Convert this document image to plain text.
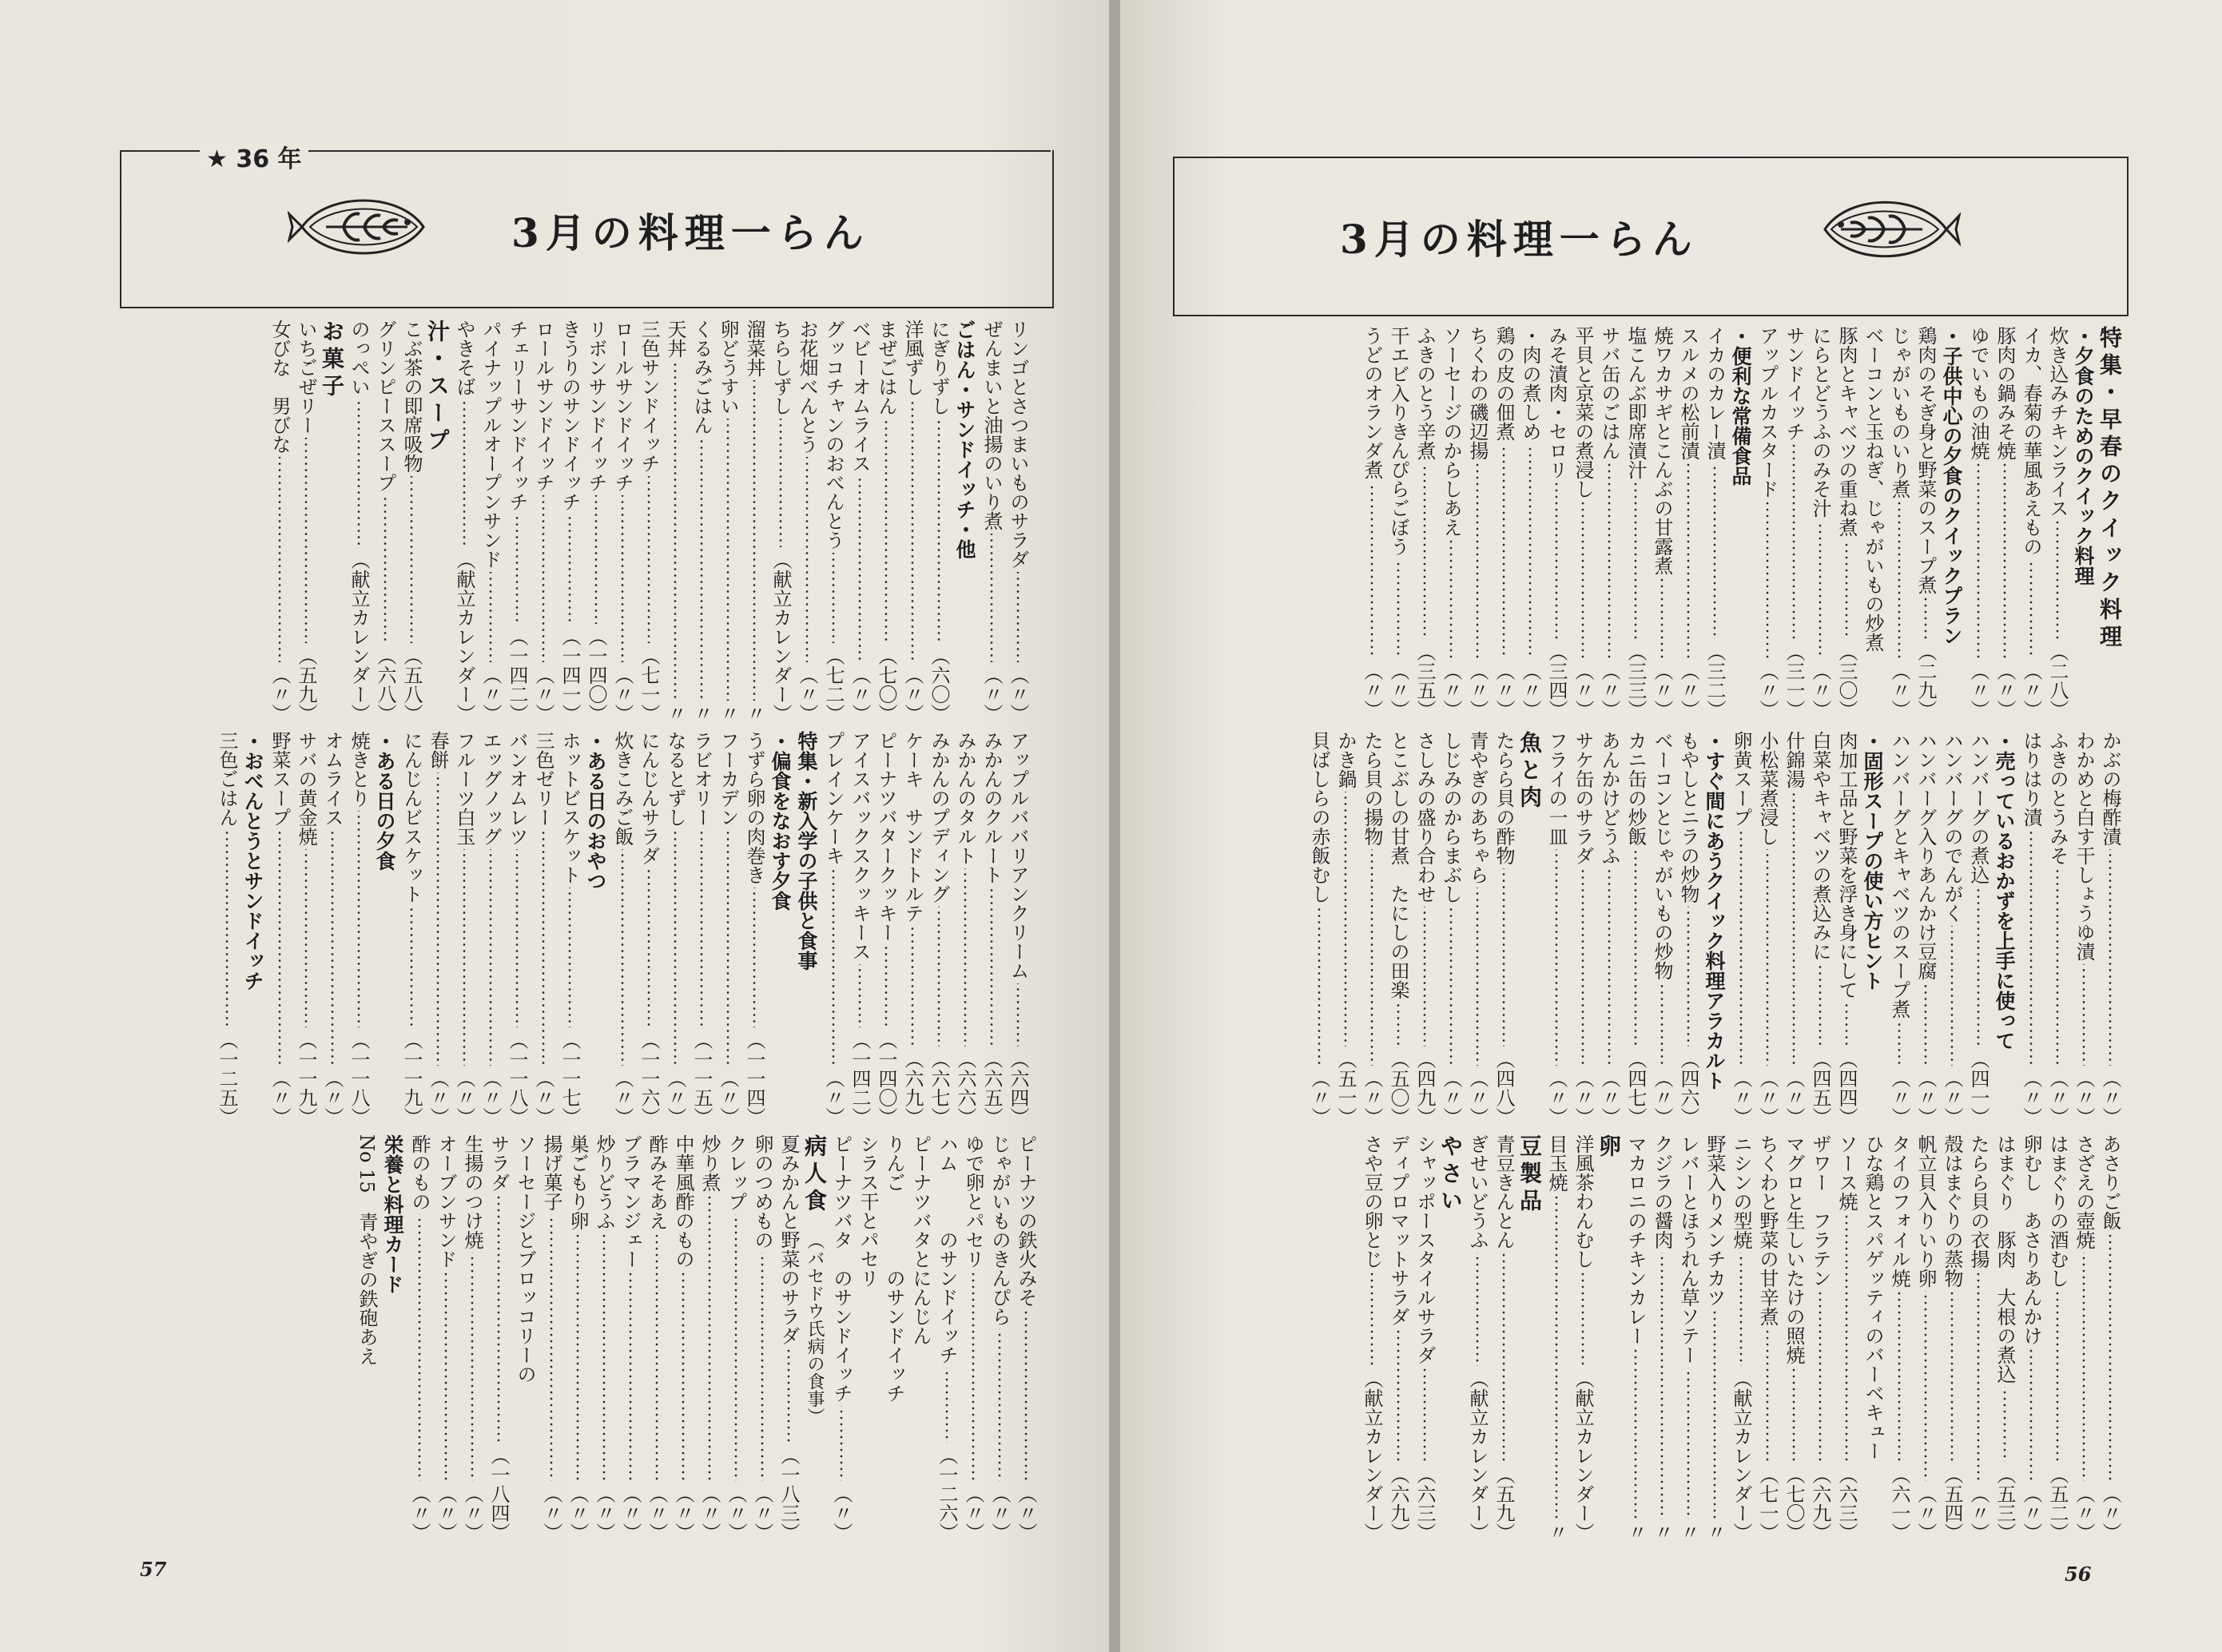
★ 36 年
3月の料理一らん
リンゴとさつまいものサラダ
（〃）
ぜんまいと油揚のいり煮
（〃）
ごはん・サンドイッチ・他
にぎりずし
（六〇）
洋風ずし
（〃）
まぜごはん
（七〇）
ベビーオムライス
（〃）
グッコチャンのおべんとう
（七二）
お花畑べんとう
（〃）
ちらしずし
（献立カレンダー）
溜菜丼
〃
卵どうすい
〃
くるみごはん
〃
天丼
〃
三色サンドイッチ
（七一）
ロールサンドイッチ
（〃）
リボンサンドイッチ
（一四〇）
きうりのサンドイッチ
（一四一）
ロールサンドイッチ
（〃）
チェリーサンドイッチ
（一四二）
パイナップルオープンサンド
（〃）
やきそば
（献立カレンダー）
汁・スープ
こぶ茶の即席吸物
（五八）
グリンピーススープ
（六八）
のっぺい
（献立カレンダー）
お菓子
いちごぜリー
（五九）
女びな　男びな
（〃）
アップルババリアンクリーム
（六四）
みかんのクルート
（六五）
みかんのタルト
（六六）
みかんのプディング
（六七）
ケーキ　サンドトルテ
（六九）
ピーナツバタークッキー
（一四〇）
アイスバックスクッキース
（一四二）
プレインケーキ
（〃）
特集・新入学の子供と食事
・偏食をなおす夕食
うずら卵の肉巻き
（一一四）
フーカデン
（〃）
ラビオリー
（一一五）
なるとずし
（〃）
にんじんサラダ
（一一六）
炊きこみご飯
（〃）
・ある日のおやつ
ホットビスケット
（一一七）
三色ゼリー
（〃）
バンオムレツ
（一一八）
エッグノッグ
（〃）
フルーツ白玉
（〃）
春餅
（〃）
にんじんビスケット
（一一九）
・ある日の夕食
焼きとり
（一一八）
オムライス
（〃）
サバの黄金焼
（一一九）
野菜スープ
（〃）
・おべんとうとサンドイッチ
三色ごはん
（一二五）
ピーナツの鉄火みそ
（〃）
じゃがいものきんぴら
（〃）
ゆで卵とパセリ
（〃）
ハム　　　のサンドイッチ
（一二六）
ピーナツバタとにんじん
りんご　　　　のサンドイッチ
シラス干とパセリ
ピーナツバタ　のサンドイッチ
（〃）
病人食
（バセドウ氏病の食事）
夏みかんと野菜のサラダ
（一八三）
卵のつめもの
（〃）
クレップ
（〃）
炒り煮
（〃）
中華風酢のもの
（〃）
酢みそあえ
（〃）
ブラマンジェー
（〃）
炒りどうふ
（〃）
巣ごもり卵
（〃）
揚げ菓子
（〃）
ソーセージとブロッコリーの
サラダ
（一八四）
生揚のつけ焼
（〃）
オーブンサンド
（〃）
酢のもの
（〃）
栄養と料理カード
No 15　青やぎの鉄砲あえ
57
3月の料理一らん
特集・早春のクイック料理
・夕食のためのクイック料理
炊き込みチキンライス
（二八）
イカ、春菊の華風あえもの
（〃）
豚肉の鍋みそ焼
（〃）
ゆでいもの油焼
（〃）
・子供中心の夕食のクイックプラン
鶏肉のそぎ身と野菜のスープ煮
（二九）
じゃがいものいり煮
（〃）
ベーコンと玉ねぎ、じゃがいもの炒煮
豚肉とキャベツの重ね煮
（三〇）
にらとどうふのみそ汁
（〃）
サンドイッチ
（三一）
アップルカスタード
（〃）
・便利な常備食品
イカのカレー漬
（三二）
スルメの松前漬
（〃）
焼ワカサギとこんぶの甘露煮
（〃）
塩こんぶ即席漬汁
（三三）
サバ缶のごはん
（〃）
平貝と京菜の煮浸し
（〃）
みそ漬肉・セロリ
（三四）
・肉の煮しめ
（〃）
鶏の皮の佃煮
（〃）
ちくわの磯辺揚
（〃）
ソーセージのからしあえ
（〃）
ふきのとう辛煮
（三五）
干エビ入りきんぴらごぼう
（〃）
うどのオランダ煮
（〃）
かぶの梅酢漬
（〃）
わかめと白す干しょうゆ漬
（〃）
ふきのとうみそ
（〃）
はりはり漬
（〃）
・売っているおかずを上手に使って
ハンバーグの煮込
（四一）
ハンバーグのでんがく
（〃）
ハンバーグ入りあんかけ豆腐
（〃）
ハンバーグとキャベツのスープ煮
（〃）
・固形スープの使い方ヒント
肉加工品と野菜を浮き身にして
（四四）
白菜やキャベツの煮込みに
（四五）
什錦湯
（〃）
小松菜煮浸し
（〃）
卵黄スープ
（〃）
・すぐ間にあうクイック料理アラカルト
もやしとニラの炒物
（四六）
ベーコンとじゃがいもの炒物
（〃）
カニ缶の炒飯
（四七）
あんかけどうふ
（〃）
サケ缶のサラダ
（〃）
フライの一皿
（〃）
魚と肉
たらら貝の酢物
（四八）
青やぎのあちゃら
（〃）
しじみのからまぶし
（〃）
さしみの盛り合わせ
（四九）
とこぶしの甘煮　たにしの田楽
（五〇）
たら貝の揚物
（〃）
かき鍋
（五一）
貝ばしらの赤飯むし
（〃）
あさりご飯
（〃）
さざえの壺焼
（〃）
はまぐりの酒むし
（五二）
卵むし　あさりあんかけ
（〃）
はまぐり　豚肉　大根の煮込
（五三）
たらら貝の衣揚
（〃）
殻はまぐりの蒸物
（五四）
帆立貝入りいり卵
（〃）
タイのフォイル焼
（六一）
ひな鶏とスパゲッティのバーベキュー
ソース焼
（六三）
ザワー　フラテン
（六九）
マグロと生しいたけの照焼
（七〇）
ちくわと野菜の甘辛煮
（七一）
ニシンの型焼
（献立カレンダー）
野菜入りメンチカツ
〃
レバーとほうれん草ソテー
〃
クジラの醤肉
〃
マカロニのチキンカレー
〃
卵
洋風茶わんむし
（献立カレンダー）
目玉焼
〃
豆製品
青豆きんとん
（五九）
ぎせいどうふ
（献立カレンダー）
やさい
シャッポースタイルサラダ
（六三）
ディプロマットサラダ
（六九）
さや豆の卵とじ
（献立カレンダー）
56
